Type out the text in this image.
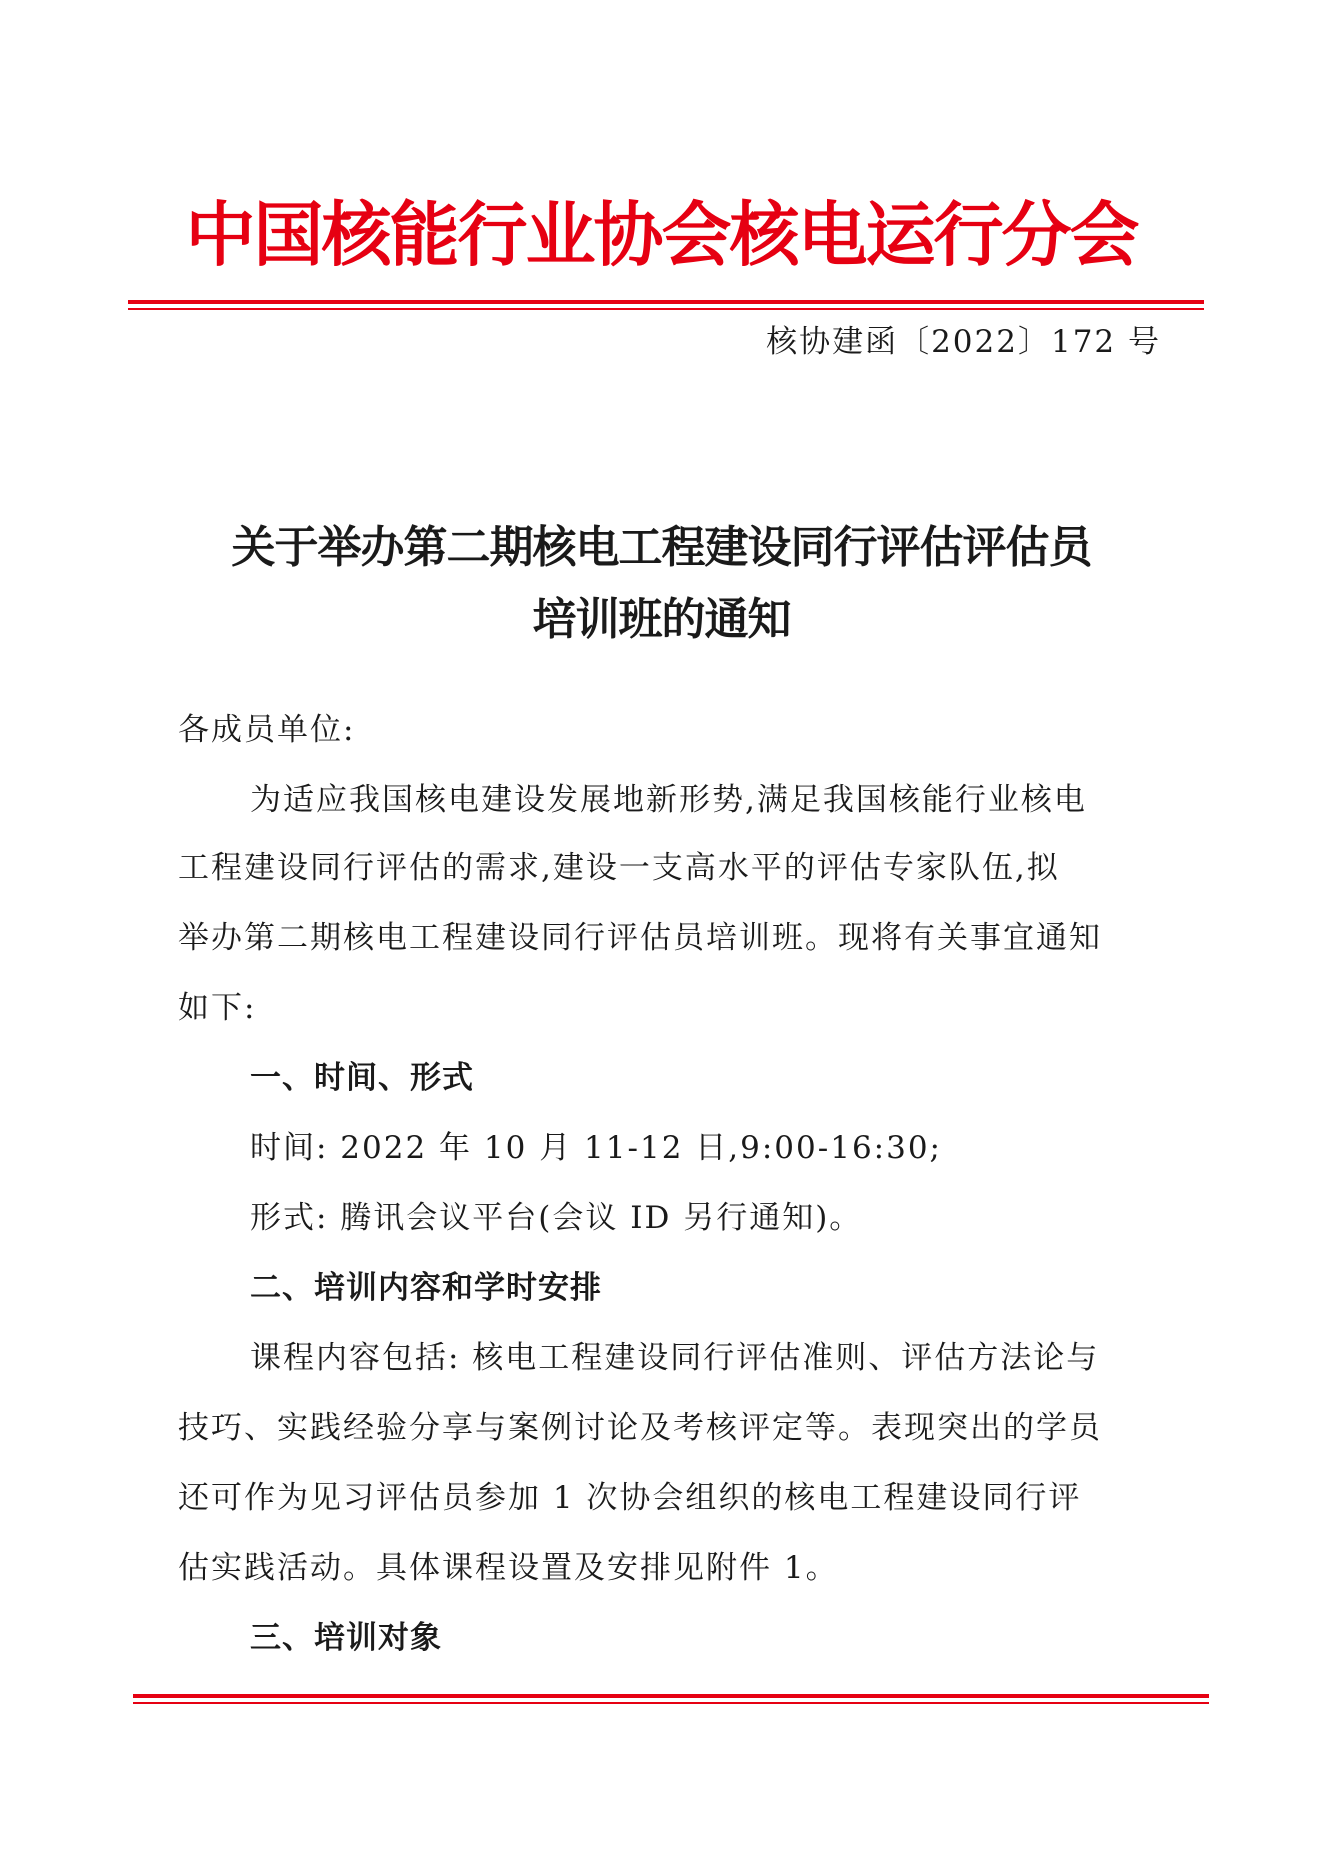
中国核能行业协会核电运行分会
核协建函〔2022〕172 号
关于举办第二期核电工程建设同行评估评估员
培训班的通知
各成员单位:
为适应我国核电建设发展地新形势,满足我国核能行业核电
工程建设同行评估的需求,建设一支高水平的评估专家队伍,拟
举办第二期核电工程建设同行评估员培训班。现将有关事宜通知
如下:
一、时间、形式
时间: 2022 年 10 月 11-12 日,9:00-16:30;
形式: 腾讯会议平台(会议 ID 另行通知)。
二、培训内容和学时安排
课程内容包括: 核电工程建设同行评估准则、评估方法论与
技巧、实践经验分享与案例讨论及考核评定等。表现突出的学员
还可作为见习评估员参加 1 次协会组织的核电工程建设同行评
估实践活动。具体课程设置及安排见附件 1。
三、培训对象
